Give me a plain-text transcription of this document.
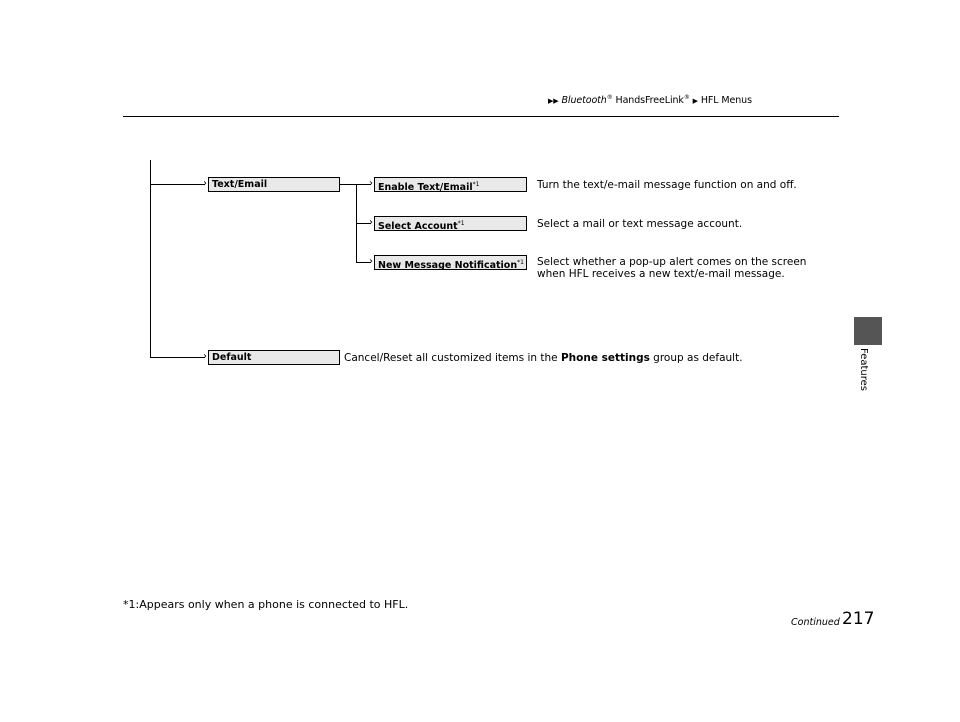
▶▶ Bluetooth® HandsFreeLink® ▶ HFL Menus
Features
›
›
›
›
›
Text/Email	Enable Text/Email$^{*1}$	Turn the text/e-mail message function on and off.
Select Account$^{*1}$	Select a mail or text message account.
New Message Notification$^{*1}$ Select whether a pop-up alert comes on the screen
when HFL receives a new text/e-mail message.
Default	Cancel/Reset all customized items in the Phone settings group as default.
*1:Appears only when a phone is connected to HFL.
Continued 217
